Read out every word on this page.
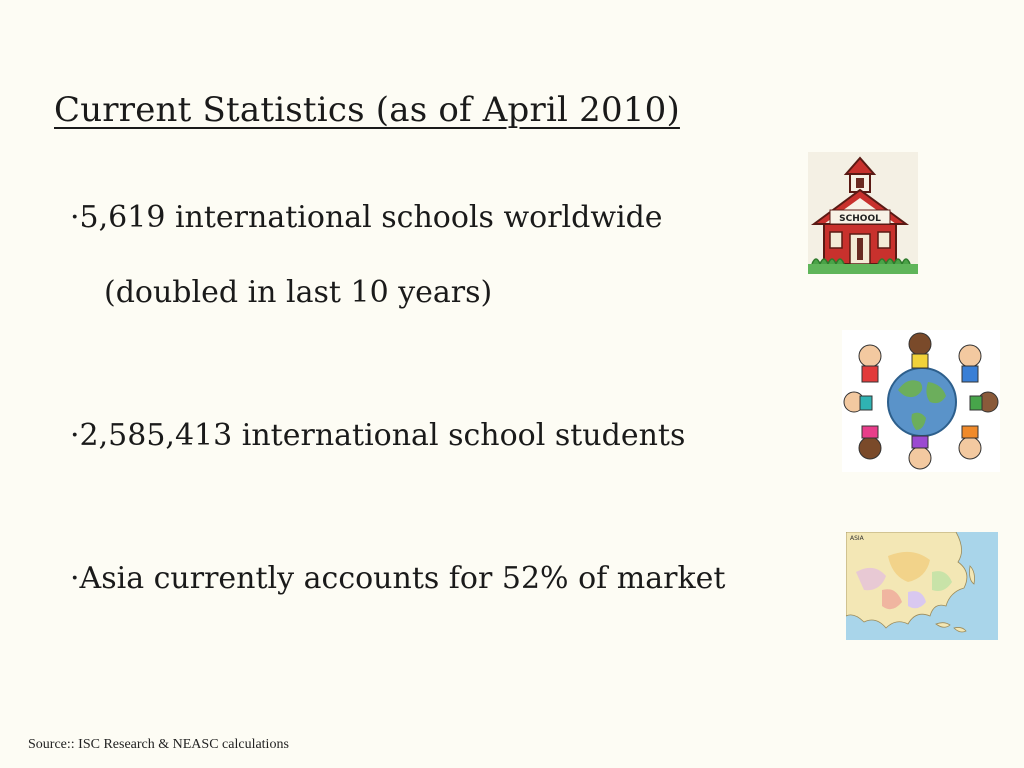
Current Statistics (as of April 2010)
·5,619 international schools worldwide
(doubled in last 10 years)
·2,585,413 international school students
·Asia currently accounts for 52% of market
SCHOOL
ASIA
Source:: ISC Research & NEASC calculations
